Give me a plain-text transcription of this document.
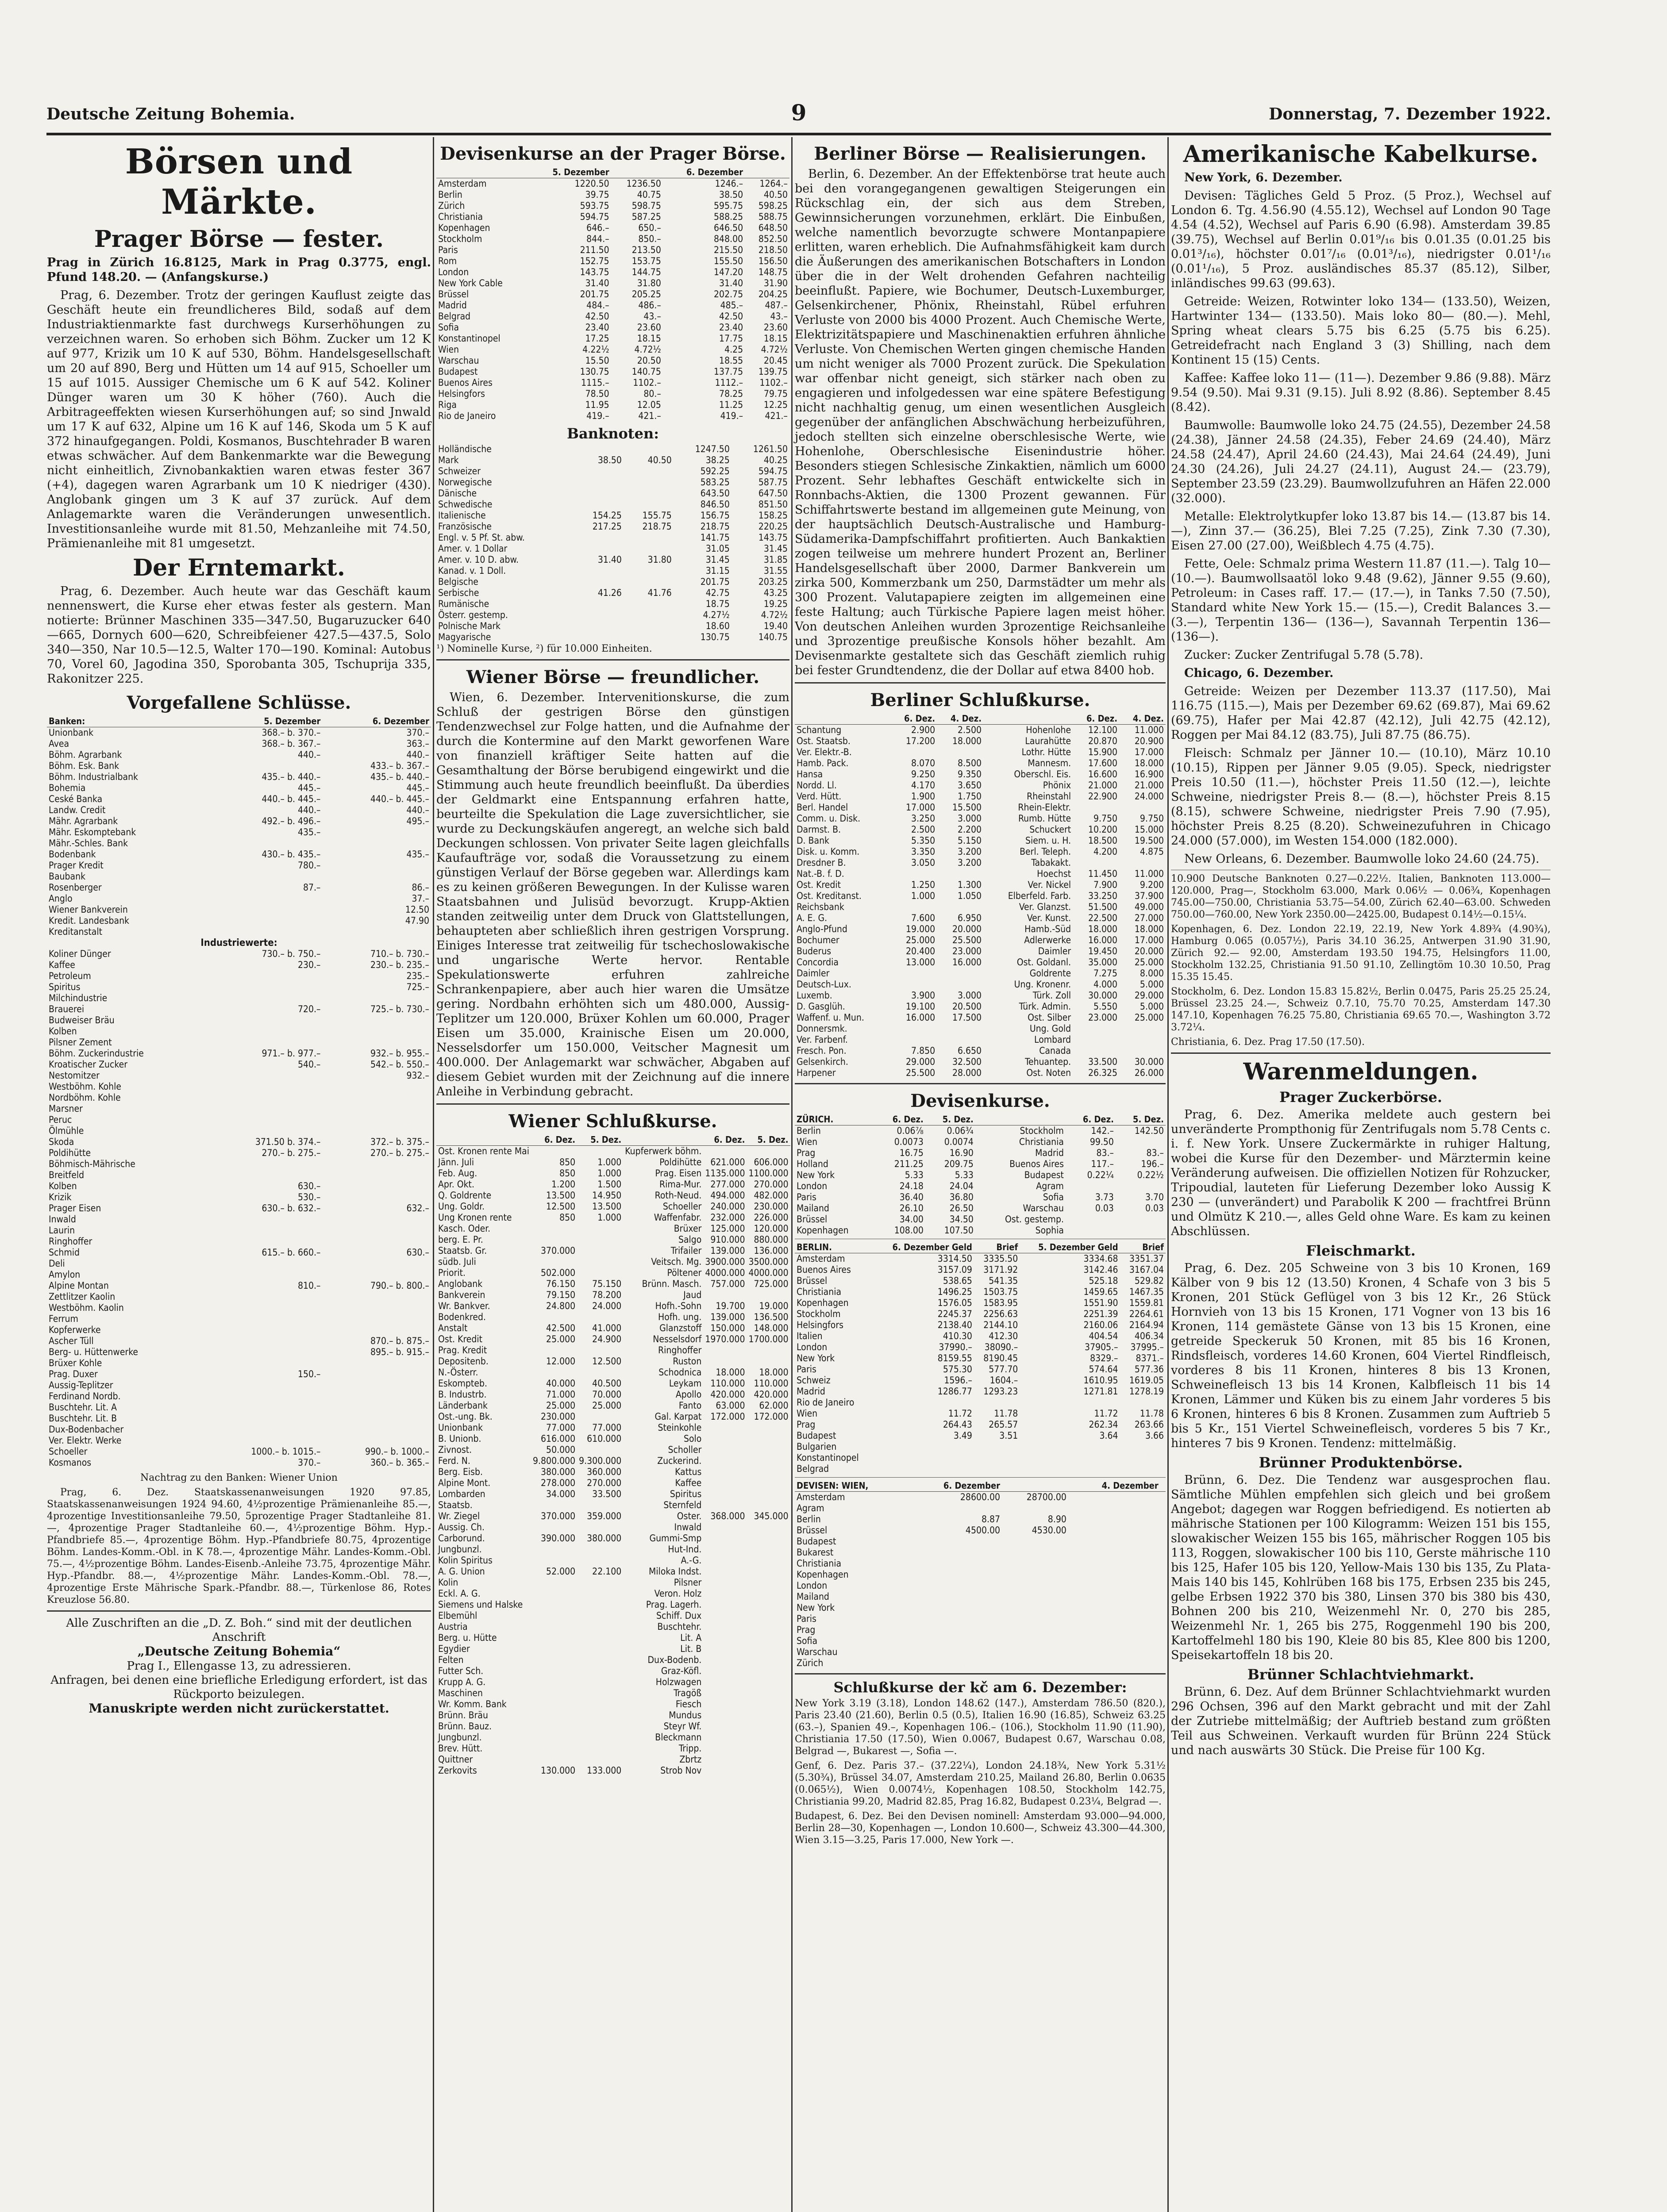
Deutsche Zeitung Bohemia.	9	Donnerstag, 7. Dezember 1922.
Börsen und Märkte.
Prager Börse — fester.
Prag in Zürich 16.8125, Mark in Prag 0.3775, engl. Pfund 148.20. — (Anfangskurse.)
Prag, 6. Dezember. Trotz der geringen Kauflust zeigte das Geschäft heute ein freundlicheres Bild, sodaß auf dem Industriaktienmarkte fast durchwegs Kurserhöhungen zu verzeichnen waren. So erhoben sich Böhm. Zucker um 12 K auf 977, Krizik um 10 K auf 530, Böhm. Handelsgesellschaft um 20 auf 890, Berg und Hütten um 14 auf 915, Schoeller um 15 auf 1015. Aussiger Chemische um 6 K auf 542. Koliner Dünger waren um 30 K höher (760). Auch die Arbitrageeffekten wiesen Kurserhöhungen auf; so sind Jnwald um 17 K auf 632, Alpine um 16 K auf 146, Skoda um 5 K auf 372 hinaufgegangen. Poldi, Kosmanos, Buschtehrader B waren etwas schwächer. Auf dem Bankenmarkte war die Bewegung nicht einheitlich, Zivnobankaktien waren etwas fester 367 (+4), dagegen waren Agrarbank um 10 K niedriger (430). Anglobank gingen um 3 K auf 37 zurück. Auf dem Anlagemarkte waren die Veränderungen unwesentlich. Investitionsanleihe wurde mit 81.50, Mehzanleihe mit 74.50, Prämienanleihe mit 81 umgesetzt.
Der Erntemarkt.
Prag, 6. Dezember. Auch heute war das Geschäft kaum nennenswert, die Kurse eher etwas fester als gestern. Man notierte: Brünner Maschinen 335—347.50, Bugaruzucker 640—665, Dornych 600—620, Schreibfeiener 427.5—437.5, Solo 340—350, Nar 10.5—12.5, Walter 170—190. Kominal: Autobus 70, Vorel 60, Jagodina 350, Sporobanta 305, Tschuprija 335, Rakonitzer 225.
Vorgefallene Schlüsse.
Banken:	5. Dezember	6. Dezember
Unionbank	368.– b. 370.–	370.–
Avea	368.– b. 367.–	363.–
Böhm. Agrarbank	440.–	440.–
Böhm. Esk. Bank		433.– b. 367.–
Böhm. Industrialbank	435.– b. 440.–	435.– b. 440.–
Bohemia	445.–	445.–
Ceské Banka	440.– b. 445.–	440.– b. 445.–
Landw. Credit	440.–	440.–
Mähr. Agrarbank	492.– b. 496.–	495.–
Mähr. Eskomptebank	435.–	
Mähr.-Schles. Bank		
Bodenbank	430.– b. 435.–	435.–
Prager Kredit	780.–	
Baubank		
Rosenberger	87.–	86.–
Anglo		37.–
Wiener Bankverein		12.50
Kredit. Landesbank		47.90
Kreditanstalt		
Industriewerte:		
Koliner Dünger	730.– b. 750.–	710.– b. 730.–
Kaffee	230.–	230.– b. 235.–
Petroleum		235.–
Spiritus		725.–
Milchindustrie		
Brauerei	720.–	725.– b. 730.–
Budweiser Bräu		
Kolben		
Pilsner Zement		
Böhm. Zuckerindustrie	971.– b. 977.–	932.– b. 955.–
Kroatischer Zucker	540.–	542.– b. 550.–
Nestomitzer		932.–
Westböhm. Kohle		
Nordböhm. Kohle		
Marsner		
Peruc		
Ölmühle		
Skoda	371.50 b. 374.–	372.– b. 375.–
Poldihütte	270.– b. 275.–	270.– b. 275.–
Böhmisch-Mährische		
Breitfeld		
Kolben	630.–	
Krizik	530.–	
Prager Eisen	630.– b. 632.–	632.–
Inwald		
Laurin		
Ringhoffer		
Schmid	615.– b. 660.–	630.–
Deli		
Amylon		
Alpine Montan	810.–	790.– b. 800.–
Zettlitzer Kaolin		
Westböhm. Kaolin		
Ferrum		
Kopferwerke		
Ascher Tüll		870.– b. 875.–
Berg- u. Hüttenwerke		895.– b. 915.–
Brüxer Kohle		
Prag. Duxer	150.–	
Aussig-Teplitzer		
Ferdinand Nordb.		
Buschtehr. Lit. A		
Buschtehr. Lit. B		
Dux-Bodenbacher		
Ver. Elektr. Werke		
Schoeller	1000.– b. 1015.–	990.– b. 1000.–
Kosmanos	370.–	360.– b. 365.–
Nachtrag zu den Banken: Wiener Union
Prag, 6. Dez. Staatskassenanweisungen 1920 97.85, Staatskassenanweisungen 1924 94.60, 4½prozentige Prämienanleihe 85.—, 4prozentige Investitionsanleihe 79.50, 5prozentige Prager Stadtanleihe 81.—, 4prozentige Prager Stadtanleihe 60.—, 4½prozentige Böhm. Hyp.-Pfandbriefe 85.—, 4prozentige Böhm. Hyp.-Pfandbriefe 80.75, 4prozentige Böhm. Landes-Komm.-Obl. in K 78.—, 4prozentige Mähr. Landes-Komm.-Obl. 75.—, 4½prozentige Böhm. Landes-Eisenb.-Anleihe 73.75, 4prozentige Mähr. Hyp.-Pfandbr. 88.—, 4½prozentige Mähr. Landes-Komm.-Obl. 78.—, 4prozentige Erste Mährische Spark.-Pfandbr. 88.—, Türkenlose 86, Rotes Kreuzlose 56.80.
Alle Zuschriften an die „D. Z. Boh.“ sind mit der deutlichen Anschrift
„Deutsche Zeitung Bohemia“
Prag I., Ellengasse 13, zu adressieren.
Anfragen, bei denen eine briefliche Erledigung erfordert, ist das Rückporto beizulegen.
Manuskripte werden nicht zurückerstattet.
Devisenkurse an der Prager Börse.
	5. Dezember		6. Dezember	
Amsterdam	1220.50	1236.50	1246.–	1264.–
Berlin	39.75	40.75	38.50	40.50
Zürich	593.75	598.75	595.75	598.25
Christiania	594.75	587.25	588.25	588.75
Kopenhagen	646.–	650.–	646.50	648.50
Stockholm	844.–	850.–	848.00	852.50
Paris	211.50	213.50	215.50	218.50
Rom	152.75	153.75	155.50	156.50
London	143.75	144.75	147.20	148.75
New York Cable	31.40	31.80	31.40	31.90
Brüssel	201.75	205.25	202.75	204.25
Madrid	484.–	486.–	485.–	487.–
Belgrad	42.50	43.–	42.50	43.–
Sofia	23.40	23.60	23.40	23.60
Konstantinopel	17.25	18.15	17.75	18.15
Wien	4.22½	4.72½	4.25	4.72½
Warschau	15.50	20.50	18.55	20.45
Budapest	130.75	140.75	137.75	139.75
Buenos Aires	1115.–	1102.–	1112.–	1102.–
Helsingfors	78.50	80.–	78.25	79.75
Riga	11.95	12.05	11.25	12.25
Rio de Janeiro	419.–	421.–	419.–	421.–
Banknoten:
Holländische			1247.50	1261.50
Mark	38.50	40.50	38.25	40.25
Schweizer			592.25	594.75
Norwegische			583.25	587.75
Dänische			643.50	647.50
Schwedische			846.50	851.50
Italienische	154.25	155.75	156.75	158.25
Französische	217.25	218.75	218.75	220.25
Engl. v. 5 Pf. St. abw.			141.75	143.75
Amer. v. 1 Dollar			31.05	31.45
Amer. v. 10 D. abw.	31.40	31.80	31.45	31.85
Kanad. v. 1 Doll.			31.15	31.55
Belgische			201.75	203.25
Serbische	41.26	41.76	42.75	43.25
Rumänische			18.75	19.25
Österr. gestemp.			4.27½	4.72½
Polnische Mark			18.60	19.40
Magyarische			130.75	140.75
¹) Nominelle Kurse, ²) für 10.000 Einheiten.
Wiener Börse — freundlicher.
Wien, 6. Dezember. Intervenitionskurse, die zum Schluß der gestrigen Börse den günstigen Tendenzwechsel zur Folge hatten, und die Aufnahme der durch die Kontermine auf den Markt geworfenen Ware von finanziell kräftiger Seite hatten auf die Gesamthaltung der Börse berubigend eingewirkt und die Stimmung auch heute freundlich beeinflußt. Da überdies der Geldmarkt eine Entspannung erfahren hatte, beurteilte die Spekulation die Lage zuversichtlicher, sie wurde zu Deckungskäufen angeregt, an welche sich bald Deckungen schlossen. Von privater Seite lagen gleichfalls Kaufaufträge vor, sodaß die Voraussetzung zu einem günstigen Verlauf der Börse gegeben war. Allerdings kam es zu keinen größeren Bewegungen. In der Kulisse waren Staatsbahnen und Julisüd bevorzugt. Krupp-Aktien standen zeitweilig unter dem Druck von Glattstellungen, behaupteten aber schließlich ihren gestrigen Vorsprung. Einiges Interesse trat zeitweilig für tschechoslowakische und ungarische Werte hervor. Rentable Spekulationswerte erfuhren zahlreiche Schrankenpapiere, aber auch hier waren die Umsätze gering. Nordbahn erhöhten sich um 480.000, Aussig-Teplitzer um 120.000, Brüxer Kohlen um 60.000, Prager Eisen um 35.000, Krainische Eisen um 20.000, Nesselsdorfer um 150.000, Veitscher Magnesit um 400.000. Der Anlagemarkt war schwächer, Abgaben auf diesem Gebiet wurden mit der Zeichnung auf die innere Anleihe in Verbindung gebracht.
Wiener Schlußkurse.
	6. Dez.	5. Dez.		6. Dez.	5. Dez.
Ost. Kronen rente Mai			Kupferwerk böhm.		
Jänn. Juli	850	1.000	Poldihütte	621.000	606.000
Feb. Aug.	850	1.000	Prag. Eisen	1135.000	1100.000
Apr. Okt.	1.200	1.500	Rima-Mur.	277.000	270.000
Q. Goldrente	13.500	14.950	Roth-Neud.	494.000	482.000
Ung. Goldr.	12.500	13.500	Schoeller	240.000	230.000
Ung Kronen rente	850	1.000	Waffenfabr.	232.000	226.000
Kasch. Oder.			Brüxer	125.000	120.000
berg. E. Pr.			Salgo	910.000	880.000
Staatsb. Gr.	370.000		Trifailer	139.000	136.000
südb. Juli			Veitsch. Mg.	3900.000	3500.000
Priorit.	502.000		Pöltener	4000.000	4000.000
Anglobank	76.150	75.150	Brünn. Masch.	757.000	725.000
Bankverein	79.150	78.200	Jaud		
Wr. Bankver.	24.800	24.000	Hofh.-Sohn	19.700	19.000
Bodenkred.			Hofh. ung.	139.000	136.500
Anstalt	42.500	41.000	Glanzstoff	150.000	148.000
Ost. Kredit	25.000	24.900	Nesselsdorf	1970.000	1700.000
Prag. Kredit			Ringhoffer		
Depositenb.	12.000	12.500	Ruston		
N.-Österr.			Schodnica	18.000	18.000
Eskompteb.	40.000	40.500	Leykam	110.000	110.000
B. Industrb.	71.000	70.000	Apollo	420.000	420.000
Länderbank	25.000	25.000	Fanto	63.000	62.000
Ost.-ung. Bk.	230.000		Gal. Karpat	172.000	172.000
Unionbank	77.000	77.000	Steinkohle		
B. Unionb.	616.000	610.000	Solo		
Zivnost.	50.000		Scholler		
Ferd. N.	9.800.000	9.300.000	Zuckerind.		
Berg. Eisb.	380.000	360.000	Kattus		
Alpine Mont.	278.000	270.000	Kaffee		
Lombarden	34.000	33.500	Spiritus		
Staatsb.			Sternfeld		
Wr. Ziegel	370.000	359.000	Oster.	368.000	345.000
Aussig. Ch.			Inwald		
Carborund.	390.000	380.000	Gummi-Smp		
Jungbunzl.			Hut-Ind.		
Kolin Spiritus			A.-G.		
A. G. Union	52.000	22.100	Miloka Indst.		
Kolin			Pilsner		
Eckl. A. G.			Veron. Holz		
Siemens und Halske			Prag. Lagerh.		
Elbemühl			Schiff. Dux		
Austria			Buschtehr.		
Berg. u. Hütte			Lit. A		
Egydier			Lit. B		
Felten			Dux-Bodenb.		
Futter Sch.			Graz-Köfl.		
Krupp A. G.			Holzwagen		
Maschinen			Tragöß		
Wr. Komm. Bank			Fiesch		
Brünn. Bräu			Mundus		
Brünn. Bauz.			Steyr Wf.		
Jungbunzl.			Bleckmann		
Brev. Hütt.			Tripp.		
Quittner			Zbrtz		
Zerkovits	130.000	133.000	Strob Nov		
Berliner Börse — Realisierungen.
Berlin, 6. Dezember. An der Effektenbörse trat heute auch bei den vorangegangenen gewaltigen Steigerungen ein Rückschlag ein, der sich aus dem Streben, Gewinnsicherungen vorzunehmen, erklärt. Die Einbußen, welche namentlich bevorzugte schwere Montanpapiere erlitten, waren erheblich. Die Aufnahmsfähigkeit kam durch die Äußerungen des amerikanischen Botschafters in London über die in der Welt drohenden Gefahren nachteilig beeinflußt. Papiere, wie Bochumer, Deutsch-Luxemburger, Gelsenkirchener, Phönix, Rheinstahl, Rübel erfuhren Verluste von 2000 bis 4000 Prozent. Auch Chemische Werte, Elektrizitätspapiere und Maschinenaktien erfuhren ähnliche Verluste. Von Chemischen Werten gingen chemische Handen um nicht weniger als 7000 Prozent zurück. Die Spekulation war offenbar nicht geneigt, sich stärker nach oben zu engagieren und infolgedessen war eine spätere Befestigung nicht nachhaltig genug, um einen wesentlichen Ausgleich gegenüber der anfänglichen Abschwächung herbeizuführen, jedoch stellten sich einzelne oberschlesische Werte, wie Hohenlohe, Oberschlesische Eisenindustrie höher. Besonders stiegen Schlesische Zinkaktien, nämlich um 6000 Prozent. Sehr lebhaftes Geschäft entwickelte sich in Ronnbachs-Aktien, die 1300 Prozent gewannen. Für Schiffahrtswerte bestand im allgemeinen gute Meinung, von der hauptsächlich Deutsch-Australische und Hamburg-Südamerika-Dampfschiffahrt profitierten. Auch Bankaktien zogen teilweise um mehrere hundert Prozent an, Berliner Handelsgesellschaft über 2000, Darmer Bankverein um zirka 500, Kommerzbank um 250, Darmstädter um mehr als 300 Prozent. Valutapapiere zeigten im allgemeinen eine feste Haltung; auch Türkische Papiere lagen meist höher. Von deutschen Anleihen wurden 3prozentige Reichsanleihe und 3prozentige preußische Konsols höher bezahlt. Am Devisenmarkte gestaltete sich das Geschäft ziemlich ruhig bei fester Grundtendenz, die der Dollar auf etwa 8400 hob.
Berliner Schlußkurse.
	6. Dez.	4. Dez.		6. Dez.	4. Dez.
Schantung	2.900	2.500	Hohenlohe	12.100	11.000
Ost. Staatsb.	17.200	18.000	Laurahütte	20.870	20.900
Ver. Elektr.-B.			Lothr. Hütte	15.900	17.000
Hamb. Pack.	8.070	8.500	Mannesm.	17.600	18.000
Hansa	9.250	9.350	Oberschl. Eis.	16.600	16.900
Nordd. Ll.	4.170	3.650	Phönix	21.000	21.000
Verd. Hütt.	1.900	1.750	Rheinstahl	22.900	24.000
Berl. Handel	17.000	15.500	Rhein-Elektr.		
Comm. u. Disk.	3.250	3.000	Rumb. Hütte	9.750	9.750
Darmst. B.	2.500	2.200	Schuckert	10.200	15.000
D. Bank	5.350	5.150	Siem. u. H.	18.500	19.500
Disk. u. Komm.	3.350	3.200	Berl. Teleph.	4.200	4.875
Dresdner B.	3.050	3.200	Tabakakt.		
Nat.-B. f. D.			Hoechst	11.450	11.000
Ost. Kredit	1.250	1.300	Ver. Nickel	7.900	9.200
Ost. Kreditanst.	1.000	1.050	Elberfeld. Farb.	33.250	37.900
Reichsbank			Ver. Glanzst.	51.500	49.000
A. E. G.	7.600	6.950	Ver. Kunst.	22.500	27.000
Anglo-Pfund	19.000	20.000	Hamb.-Süd	18.000	18.000
Bochumer	25.000	25.500	Adlerwerke	16.000	17.000
Buderus	20.400	23.000	Daimler	19.450	20.000
Concordia	13.000	16.000	Ost. Goldanl.	35.000	25.000
Daimler			Goldrente	7.275	8.000
Deutsch-Lux.			Ung. Kronenr.	4.000	5.000
Luxemb.	3.900	3.000	Türk. Zoll	30.000	29.000
D. Gasglüh.	19.100	20.500	Türk. Admin.	5.550	5.000
Waffenf. u. Mun.	16.000	17.500	Ost. Silber	23.000	25.000
Donnersmk.			Ung. Gold		
Ver. Farbenf.			Lombard		
Fresch. Pon.	7.850	6.650	Canada		
Gelsenkirch.	29.000	32.500	Tehuantep.	33.500	30.000
Harpener	25.500	28.000	Ost. Noten	26.325	26.000
Devisenkurse.
ZÜRICH.	6. Dez.	5. Dez.		6. Dez.	5. Dez.
Berlin	0.06⅞	0.06¾	Stockholm	142.–	142.50
Wien	0.0073	0.0074	Christiania	99.50	
Prag	16.75	16.90	Madrid	83.–	83.–
Holland	211.25	209.75	Buenos Aires	117.–	196.–
New York	5.33	5.33	Budapest	0.22¼	0.22½
London	24.18	24.04	Agram		
Paris	36.40	36.80	Sofia	3.73	3.70
Mailand	26.10	26.50	Warschau	0.03	0.03
Brüssel	34.00	34.50	Ost. gestemp.		
Kopenhagen	108.00	107.50	Sophia		
BERLIN.	6. Dezember Geld	Brief	5. Dezember Geld	Brief
Amsterdam	3314.50	3335.50	3334.68	3351.37
Buenos Aires	3157.09	3171.92	3142.46	3167.04
Brüssel	538.65	541.35	525.18	529.82
Christiania	1496.25	1503.75	1459.65	1467.35
Kopenhagen	1576.05	1583.95	1551.90	1559.81
Stockholm	2245.37	2256.63	2251.39	2264.61
Helsingfors	2138.40	2144.10	2160.06	2164.94
Italien	410.30	412.30	404.54	406.34
London	37990.–	38090.–	37905.–	37995.–
New York	8159.55	8190.45	8329.–	8371.–
Paris	575.30	577.70	574.64	577.36
Schweiz	1596.–	1604.–	1610.95	1619.05
Madrid	1286.77	1293.23	1271.81	1278.19
Rio de Janeiro				
Wien	11.72	11.78	11.72	11.78
Prag	264.43	265.57	262.34	263.66
Budapest	3.49	3.51	3.64	3.66
Bulgarien				
Konstantinopel				
Belgrad				
DEVISEN: WIEN,	6. Dezember		4. Dezember	
Amsterdam	28600.00	28700.00		
Agram				
Berlin	8.87	8.90		
Brüssel	4500.00	4530.00		
Budapest				
Bukarest				
Christiania				
Kopenhagen				
London				
Mailand				
New York				
Paris				
Prag				
Sofia				
Warschau				
Zürich				
Schlußkurse der kč am 6. Dezember:
New York 3.19 (3.18), London 148.62 (147.), Amsterdam 786.50 (820.), Paris 23.40 (21.60), Berlin 0.5 (0.5), Italien 16.90 (16.85), Schweiz 63.25 (63.–), Spanien 49.–, Kopenhagen 106.– (106.), Stockholm 11.90 (11.90), Christiania 17.50 (17.50), Wien 0.0067, Budapest 0.67, Warschau 0.08, Belgrad —, Bukarest —, Sofia —.
Genf, 6. Dez. Paris 37.– (37.22¼), London 24.18¾, New York 5.31½ (5.30¾), Brüssel 34.07, Amsterdam 210.25, Mailand 26.80, Berlin 0.0635 (0.065½), Wien 0.0074½, Kopenhagen 108.50, Stockholm 142.75, Christiania 99.20, Madrid 82.85, Prag 16.82, Budapest 0.23¼, Belgrad —.
Budapest, 6. Dez. Bei den Devisen nominell: Amsterdam 93.000—94.000, Berlin 28—30, Kopenhagen —, London 10.600—, Schweiz 43.300—44.300, Wien 3.15—3.25, Paris 17.000, New York —.
Amerikanische Kabelkurse.
New York, 6. Dezember.
Devisen: Tägliches Geld 5 Proz. (5 Proz.), Wechsel auf London 6. Tg. 4.56.90 (4.55.12), Wechsel auf London 90 Tage 4.54 (4.52), Wechsel auf Paris 6.90 (6.98). Amsterdam 39.85 (39.75), Wechsel auf Berlin 0.01⁹/₁₆ bis 0.01.35 (0.01.25 bis 0.01³/₁₆), höchster 0.01⁷/₁₆ (0.01³/₁₆), niedrigster 0.01¹/₁₆ (0.01¹/₁₆), 5 Proz. ausländisches 85.37 (85.12), Silber, inländisches 99.63 (99.63).
Getreide: Weizen, Rotwinter loko 134— (133.50), Weizen, Hartwinter 134— (133.50). Mais loko 80— (80.—). Mehl, Spring wheat clears 5.75 bis 6.25 (5.75 bis 6.25). Getreidefracht nach England 3 (3) Shilling, nach dem Kontinent 15 (15) Cents.
Kaffee: Kaffee loko 11— (11—). Dezember 9.86 (9.88). März 9.54 (9.50). Mai 9.31 (9.15). Juli 8.92 (8.86). September 8.45 (8.42).
Baumwolle: Baumwolle loko 24.75 (24.55), Dezember 24.58 (24.38), Jänner 24.58 (24.35), Feber 24.69 (24.40), März 24.58 (24.47), April 24.60 (24.43), Mai 24.64 (24.49), Juni 24.30 (24.26), Juli 24.27 (24.11), August 24.— (23.79), September 23.59 (23.29). Baumwollzufuhren an Häfen 22.000 (32.000).
Metalle: Elektrolytkupfer loko 13.87 bis 14.— (13.87 bis 14.—), Zinn 37.— (36.25), Blei 7.25 (7.25), Zink 7.30 (7.30), Eisen 27.00 (27.00), Weißblech 4.75 (4.75).
Fette, Oele: Schmalz prima Western 11.87 (11.—). Talg 10— (10.—). Baumwollsaatöl loko 9.48 (9.62), Jänner 9.55 (9.60), Petroleum: in Cases raff. 17.— (17.—), in Tanks 7.50 (7.50), Standard white New York 15.— (15.—), Credit Balances 3.— (3.—), Terpentin 136— (136—), Savannah Terpentin 136— (136—).
Zucker: Zucker Zentrifugal 5.78 (5.78).
Chicago, 6. Dezember.
Getreide: Weizen per Dezember 113.37 (117.50), Mai 116.75 (115.—), Mais per Dezember 69.62 (69.87), Mai 69.62 (69.75), Hafer per Mai 42.87 (42.12), Juli 42.75 (42.12), Roggen per Mai 84.12 (83.75), Juli 87.75 (86.75).
Fleisch: Schmalz per Jänner 10.— (10.10), März 10.10 (10.15), Rippen per Jänner 9.05 (9.05). Speck, niedrigster Preis 10.50 (11.—), höchster Preis 11.50 (12.—), leichte Schweine, niedrigster Preis 8.— (8.—), höchster Preis 8.15 (8.15), schwere Schweine, niedrigster Preis 7.90 (7.95), höchster Preis 8.25 (8.20). Schweinezufuhren in Chicago 24.000 (57.000), im Westen 154.000 (182.000).
New Orleans, 6. Dezember. Baumwolle loko 24.60 (24.75).
10.900 Deutsche Banknoten 0.27—0.22½. Italien, Banknoten 113.000—120.000, Prag—, Stockholm 63.000, Mark 0.06½ — 0.06¾, Kopenhagen 745.00—750.00, Christiania 53.75—54.00, Zürich 62.40—63.00. Schweden 750.00—760.00, New York 2350.00—2425.00, Budapest 0.14½—0.15¼.
Kopenhagen, 6. Dez. London 22.19, 22.19, New York 4.89¾ (4.90¾), Hamburg 0.065 (0.057½), Paris 34.10 36.25, Antwerpen 31.90 31.90, Zürich 92.— 92.00, Amsterdam 193.50 194.75, Helsingfors 11.00, Stockholm 132.25, Christiania 91.50 91.10, Zellingtöm 10.30 10.50, Prag 15.35 15.45.
Stockholm, 6. Dez. London 15.83 15.82½, Berlin 0.0475, Paris 25.25 25.24, Brüssel 23.25 24.—, Schweiz 0.7.10, 75.70 70.25, Amsterdam 147.30 147.10, Kopenhagen 76.25 75.80, Christiania 69.65 70.—, Washington 3.72 3.72¼.
Christiania, 6. Dez. Prag 17.50 (17.50).
Warenmeldungen.
Prager Zuckerbörse.
Prag, 6. Dez. Amerika meldete auch gestern bei unveränderte Prompthonig für Zentrifugals nom 5.78 Cents c. i. f. New York. Unsere Zuckermärkte in ruhiger Haltung, wobei die Kurse für den Dezember- und Märztermin keine Veränderung aufweisen. Die offiziellen Notizen für Rohzucker, Tripoudial, lauteten für Lieferung Dezember loko Aussig K 230 — (unverändert) und Parabolik K 200 — frachtfrei Brünn und Olmütz K 210.—, alles Geld ohne Ware. Es kam zu keinen Abschlüssen.
Fleischmarkt.
Prag, 6. Dez. 205 Schweine von 3 bis 10 Kronen, 169 Kälber von 9 bis 12 (13.50) Kronen, 4 Schafe von 3 bis 5 Kronen, 201 Stück Geflügel von 3 bis 12 Kr., 26 Stück Hornvieh von 13 bis 15 Kronen, 171 Vogner von 13 bis 16 Kronen, 114 gemästete Gänse von 13 bis 15 Kronen, eine getreide Speckeruk 50 Kronen, mit 85 bis 16 Kronen, Rindsfleisch, vorderes 14.60 Kronen, 604 Viertel Rindfleisch, vorderes 8 bis 11 Kronen, hinteres 8 bis 13 Kronen, Schweinefleisch 13 bis 14 Kronen, Kalbfleisch 11 bis 14 Kronen, Lämmer und Küken bis zu einem Jahr vorderes 5 bis 6 Kronen, hinteres 6 bis 8 Kronen. Zusammen zum Auftrieb 5 bis 5 Kr., 151 Viertel Schweinefleisch, vorderes 5 bis 7 Kr., hinteres 7 bis 9 Kronen. Tendenz: mittelmäßig.
Brünner Produktenbörse.
Brünn, 6. Dez. Die Tendenz war ausgesprochen flau. Sämtliche Mühlen empfehlen sich gleich und bei großem Angebot; dagegen war Roggen befriedigend. Es notierten ab mährische Stationen per 100 Kilogramm: Weizen 151 bis 155, slowakischer Weizen 155 bis 165, mährischer Roggen 105 bis 113, Roggen, slowakischer 100 bis 110, Gerste mährische 110 bis 125, Hafer 105 bis 120, Yellow-Mais 130 bis 135, Zu Plata-Mais 140 bis 145, Kohlrüben 168 bis 175, Erbsen 235 bis 245, gelbe Erbsen 1922 370 bis 380, Linsen 370 bis 380 bis 430, Bohnen 200 bis 210, Weizenmehl Nr. 0, 270 bis 285, Weizenmehl Nr. 1, 265 bis 275, Roggenmehl 190 bis 200, Kartoffelmehl 180 bis 190, Kleie 80 bis 85, Klee 800 bis 1200, Speisekartoffeln 18 bis 20.
Brünner Schlachtviehmarkt.
Brünn, 6. Dez. Auf dem Brünner Schlachtviehmarkt wurden 296 Ochsen, 396 auf den Markt gebracht und mit der Zahl der Zutriebe mittelmäßig; der Auftrieb bestand zum größten Teil aus Schweinen. Verkauft wurden für Brünn 224 Stück und nach auswärts 30 Stück. Die Preise für 100 Kg.
